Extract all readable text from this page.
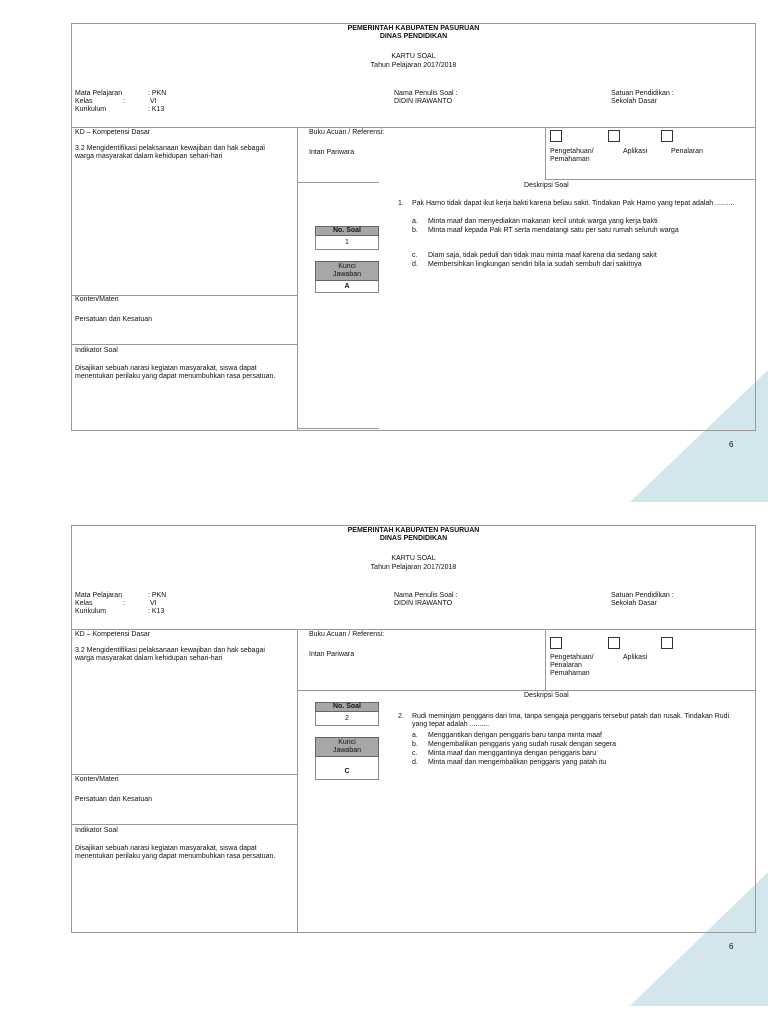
PEMERINTAH KABUPATEN PASURUAN
DINAS PENDIDIKAN
KARTU SOAL
Tahun Pelajaran 2017/2018
Mata Pelajaran	: PKN
Kelas	:	VI
Kurikulum	: K13
Nama Penulis Soal :
DIDIN IRAWANTO
Satuan Pendidikan :
Sekolah Dasar
KD – Kompetensi Dasar
3.2 Mengidentifikasi pelaksanaan kewajiban dan hak sebagai warga masyarakat dalam kehidupan sehari-hari
Buku Acuan / Referensi:
Intan Pariwara	Pengetahuan/ Pemahaman
Aplikasi	Penalaran
Deskripsi Soal
No. Soal
1
Kunci Jawaban
A
1. Pak Harno tidak dapat ikut kerja bakti karena beliau sakit. Tindakan Pak Harno yang tepat adalah ..........
a. Minta maaf dan menyediakan makanan kecil untuk warga yang kerja bakti
b. Minta maaf kepada Pak RT serta mendatangi satu per satu rumah seluruh warga
c. Diam saja, tidak peduli dan tidak mau minta maaf karena dia sedang sakit
d. Membersihkan lingkungan sendiri bila ia sudah sembuh dari sakitnya
Konten/Materi
Persatuan dan Kesatuan
Indikator Soal
Disajikan sebuah narasi kegiatan masyarakat, siswa dapat menentukan perilaku yang dapat menumbuhkan rasa persatuan.
6
PEMERINTAH KABUPATEN PASURUAN
DINAS PENDIDIKAN
KARTU SOAL
Tahun Pelajaran 2017/2018
Mata Pelajaran	: PKN
Kelas	:	VI
Kurikulum	: K13
Nama Penulis Soal :
DIDIN IRAWANTO
Satuan Pendidikan :
Sekolah Dasar
KD – Kompetensi Dasar
3.2 Mengidentifikasi pelaksanaan kewajiban dan hak sebagai warga masyarakat dalam kehidupan sehari-hari
Buku Acuan / Referensi:
Intan Pariwara	Pengetahuan/	Aplikasi
Penalaran
Pemahaman
Deskripsi Soal
No. Soal
2
Kunci Jawaban
C
2. Rudi meminjam penggaris dari Ima, tanpa sengaja penggaris tersebut patah dan rusak. Tindakan Rudi yang tepat adalah ..........
a. Menggantikan dengan penggaris baru tanpa minta maaf
b. Mengembalikan penggaris yang sudah rusak dengan segera
c. Minta maaf dan menggantinya dengan penggaris baru
d. Minta maaf dan mengembalikan penggaris yang patah itu
Konten/Materi
Persatuan dan Kesatuan
Indikator Soal
Disajikan sebuah narasi kegiatan masyarakat, siswa dapat menentukan perilaku yang dapat menumbuhkan rasa persatuan.
6
